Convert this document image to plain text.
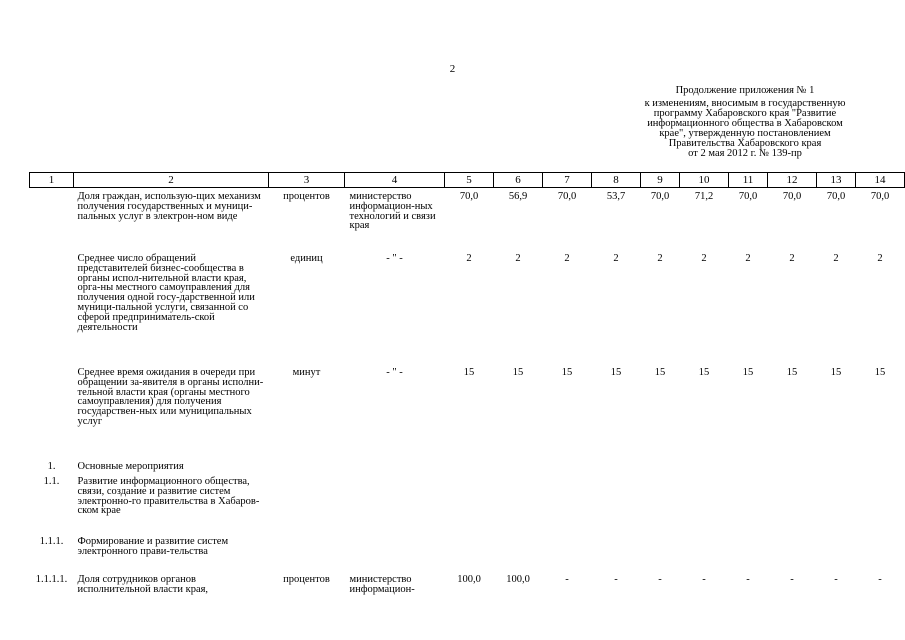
2
Продолжение приложения № 1
к изменениям, вносимым в государственную
программу Хабаровского края "Развитие
информационного общества в Хабаровском
крае", утвержденную постановлением
Правительства Хабаровского края
от 2 мая 2012 г. № 139-пр
1	2	3	4	5	6	7	8	9	10	11	12	13	14
	Доля граждан, использую-щих механизм получения государственных и муници-пальных услуг в электрон-ном виде	процентов	министерство информацион-ных технологий и связи края	70,0	56,9	70,0	53,7	70,0	71,2	70,0	70,0	70,0	70,0
	Среднее число обращений представителей бизнес-сообщества в органы испол-нительной власти края, орга-ны местного самоуправления для получения одной госу-дарственной или муници-пальной услуги, связанной со сферой предприниматель-ской деятельности	единиц	- " -	2	2	2	2	2	2	2	2	2	2
	Среднее время ожидания в очереди при обращении за-явителя в органы исполни-тельной власти края (органы местного самоуправления) для получения государствен-ных или муниципальных услуг	минут	- " -	15	15	15	15	15	15	15	15	15	15
1.	Основные мероприятия												
1.1.	Развитие информационного общества, связи, создание и развитие систем электронно-го правительства в Хабаров-ском крае												
1.1.1.	Формирование и развитие систем электронного прави-тельства												
1.1.1.1.	Доля сотрудников органов исполнительной власти края,	процентов	министерство информацион-	100,0	100,0	-	-	-	-	-	-	-	-
